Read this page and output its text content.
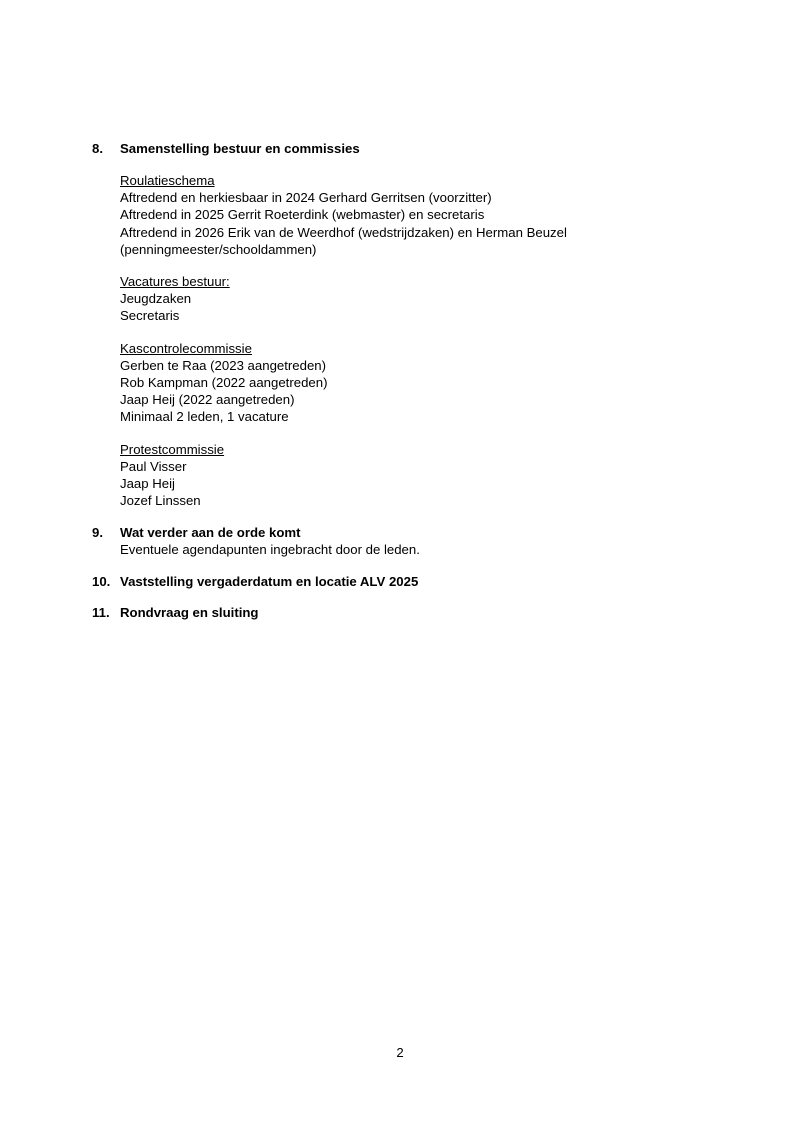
8.	Samenstelling bestuur en commissies

Roulatieschema

Aftredend en herkiesbaar in 2024 Gerhard Gerritsen (voorzitter)

Aftredend in 2025 Gerrit Roeterdink (webmaster) en secretaris

Aftredend in 2026 Erik van de Weerdhof (wedstrijdzaken) en Herman Beuzel

(penningmeester/schooldammen)

Vacatures bestuur:

Jeugdzaken

Secretaris

Kascontrolecommissie

Gerben te Raa (2023 aangetreden)

Rob Kampman (2022 aangetreden)

Jaap Heij (2022 aangetreden)

Minimaal 2 leden, 1 vacature

Protestcommissie

Paul Visser

Jaap Heij

Jozef Linssen

9.	Wat verder aan de orde komt

Eventuele agendapunten ingebracht door de leden.

10. Vaststelling vergaderdatum en locatie ALV 2025

11. Rondvraag en sluiting

2
